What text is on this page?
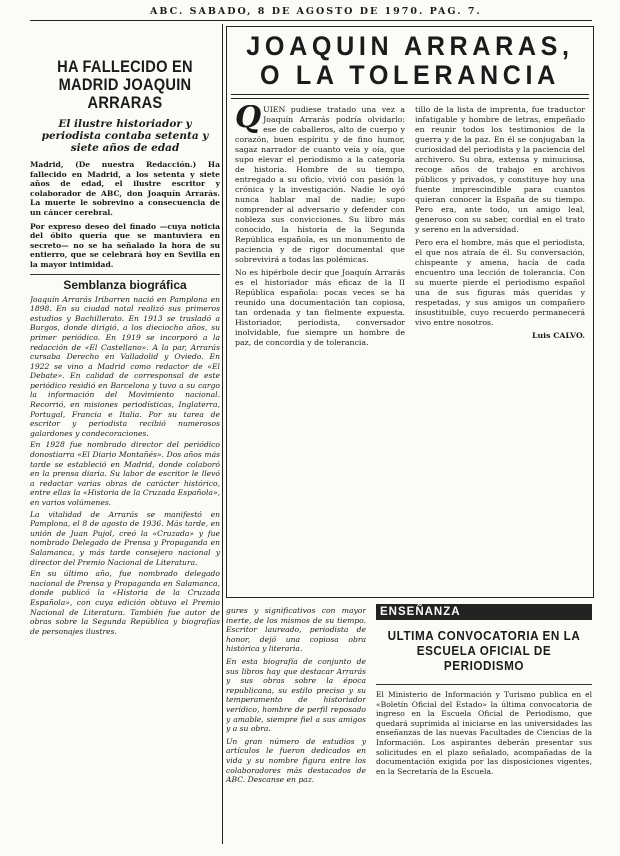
ABC. SABADO, 8 DE AGOSTO DE 1970. PAG. 7.
HA FALLECIDO EN MADRID JOAQUIN ARRARAS
El ilustre historiador y periodista contaba setenta y siete años de edad

Madrid, (De nuestra Redacción.) Ha fallecido en Madrid, a los setenta y siete años de edad, el ilustre escritor y colaborador de ABC, don Joaquín Arrarás. La muerte le sobrevino a consecuencia de un cáncer cerebral.

Por expreso deseo del finado —cuya noticia del óbito quería que se mantuviera en secreto— no se ha señalado la hora de su entierro, que se celebrará hoy en Sevilla en la mayor intimidad.

Semblanza biográfica

Joaquín Arrarás Iribarren nació en Pamplona en 1898. En su ciudad natal realizó sus primeros estudios y Bachillerato. En 1913 se trasladó a Burgos, donde dirigió, a los dieciocho años, su primer periódico. En 1919 se incorporó a la redacción de «El Castellano». A la par, Arrarás cursaba Derecho en Valladolid y Oviedo. En 1922 se vino a Madrid como redactor de «El Debate». En calidad de corresponsal de este periódico residió en Barcelona y tuvo a su cargo la información del Movimiento nacional. Recorrió, en misiones periodísticas, Inglaterra, Portugal, Francia e Italia. Por su tarea de escritor y periodista recibió numerosos galardones y condecoraciones.

En 1928 fue nombrado director del periódico donostiarra «El Diario Montañés». Dos años más tarde se estableció en Madrid, donde colaboró en la prensa diaria. Su labor de escritor le llevó a redactar varias obras de carácter histórico, entre ellas la «Historia de la Cruzada Española», en varios volúmenes.

La vitalidad de Arrarás se manifestó en Pamplona, el 8 de agosto de 1936. Más tarde, en unión de Juan Pujol, creó la «Cruzada» y fue nombrado Delegado de Prensa y Propaganda en Salamanca, y más tarde consejero nacional y director del Premio Nacional de Literatura.

En su último año, fue nombrado delegado nacional de Prensa y Propaganda en Salamanca, donde publicó la «Historia de la Cruzada Española», con cuya edición obtuvo el Premio Nacional de Literatura. También fue autor de obras sobre la Segunda República y biografías de personajes ilustres.

JOAQUIN ARRARAS,
O LA TOLERANCIA

QUIEN pudiese tratado una vez a Joaquín Arrarás podría olvidarlo: ese de caballeros, alto de cuerpo y corazón, buen espíritu y de fino humor, sagaz narrador de cuanto veía y oía, que supo elevar el periodismo a la categoría de historia. Hombre de su tiempo, entregado a su oficio, vivió con pasión la crónica y la investigación. Nadie le oyó nunca hablar mal de nadie; supo comprender al adversario y defender con nobleza sus convicciones. Su libro más conocido, la historia de la Segunda República española, es un monumento de paciencia y de rigor documental que sobrevivirá a todas las polémicas.

No es hipérbole decir que Joaquín Arrarás es el historiador más eficaz de la II República española: pocas veces se ha reunido una documentación tan copiosa, tan ordenada y tan fielmente expuesta. Historiador, periodista, conversador inolvidable, fue siempre un hombre de paz, de concordia y de tolerancia.

tillo de la lista de imprenta, fue traductor infatigable y hombre de letras, empeñado en reunir todos los testimonios de la guerra y de la paz. En él se conjugaban la curiosidad del periodista y la paciencia del archivero. Su obra, extensa y minuciosa, recoge años de trabajo en archivos públicos y privados, y constituye hoy una fuente imprescindible para cuantos quieran conocer la España de su tiempo. Pero era, ante todo, un amigo leal, generoso con su saber, cordial en el trato y sereno en la adversidad.

Pero era el hombre, más que el periodista, el que nos atraía de él. Su conversación, chispeante y amena, hacía de cada encuentro una lección de tolerancia. Con su muerte pierde el periodismo español una de sus figuras más queridas y respetadas, y sus amigos un compañero insustituible, cuyo recuerdo permanecerá vivo entre nosotros.

Luis CALVO.

gures y significativos con mayor inerte, de los mismos de su tiempo. Escritor laureado, periodista de honor, dejó una copiosa obra histórica y literaria.

En esta biografía de conjunto de sus libros hay que destacar Arrarás y sus obras sobre la época republicana, su estilo preciso y su temperamento de historiador verídico, hombre de perfil reposado y amable, siempre fiel a sus amigos y a su obra.

Un gran número de estudios y artículos le fueron dedicados en vida y su nombre figura entre los colaboradores más destacados de ABC. Descanse en paz.

ENSEÑANZA
ULTIMA CONVOCATORIA EN LA ESCUELA OFICIAL DE PERIODISMO

El Ministerio de Información y Turismo publica en el «Boletín Oficial del Estado» la última convocatoria de ingreso en la Escuela Oficial de Periodismo, que quedará suprimida al iniciarse en las universidades las enseñanzas de las nuevas Facultades de Ciencias de la Información. Los aspirantes deberán presentar sus solicitudes en el plazo señalado, acompañadas de la documentación exigida por las disposiciones vigentes, en la Secretaría de la Escuela.
